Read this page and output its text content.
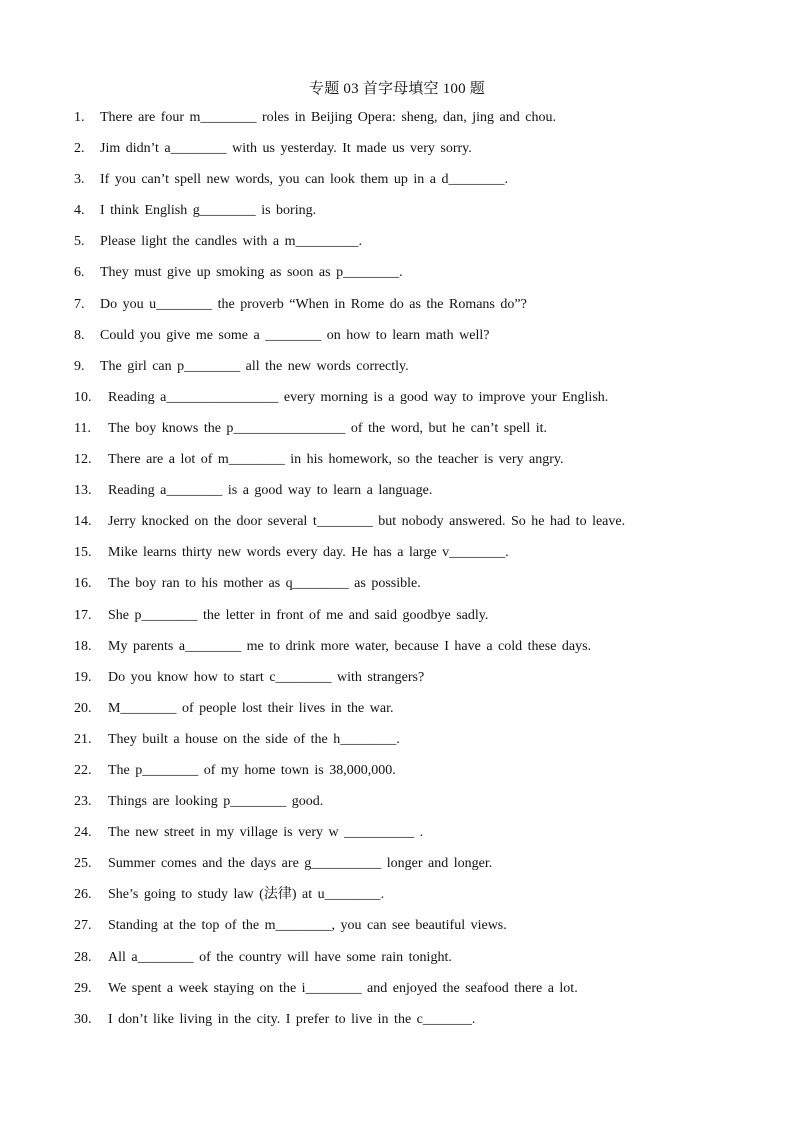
专题 03 首字母填空 100 题
1.	There are four m________ roles in Beijing Opera: sheng, dan, jing and chou.
2.	Jim didn’t a________ with us yesterday. It made us very sorry.
3.	If you can’t spell new words, you can look them up in a d________.
4.	I think English g________ is boring.
5.	Please light the candles with a m_________.
6.	They must give up smoking as soon as p________.
7.	Do you u________ the proverb “When in Rome do as the Romans do”?
8.	Could you give me some a ________ on how to learn math well?
9.	The girl can p________ all the new words correctly.
10.	Reading a________________ every morning is a good way to improve your English.
11.	The boy knows the p________________ of the word, but he can’t spell it.
12.	There are a lot of m________ in his homework, so the teacher is very angry.
13.	Reading a________ is a good way to learn a language.
14.	Jerry knocked on the door several t________ but nobody answered. So he had to leave.
15.	Mike learns thirty new words every day. He has a large v________.
16.	The boy ran to his mother as q________ as possible.
17.	She p________ the letter in front of me and said goodbye sadly.
18.	My parents a________ me to drink more water, because I have a cold these days.
19.	Do you know how to start c________ with strangers?
20.	M________ of people lost their lives in the war.
21.	They built a house on the side of the h________.
22.	The p________ of my home town is 38,000,000.
23.	Things are looking p________ good.
24.	The new street in my village is very w __________ .
25.	Summer comes and the days are g__________ longer and longer.
26.	She’s going to study law (法律) at u________.
27.	Standing at the top of the m________, you can see beautiful views.
28.	All a________ of the country will have some rain tonight.
29.	We spent a week staying on the i________ and enjoyed the seafood there a lot.
30.	I don’t like living in the city. I prefer to live in the c_______.
